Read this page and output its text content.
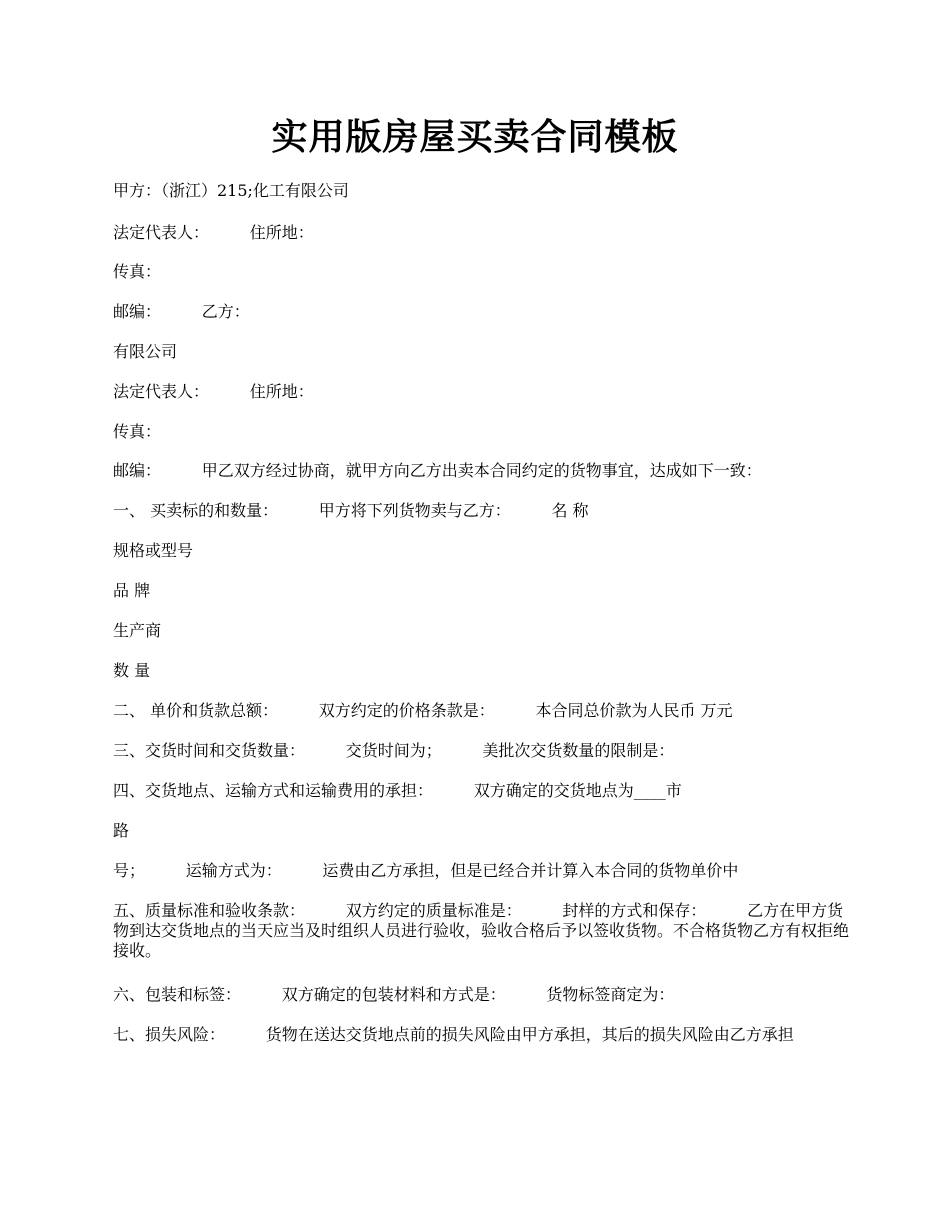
实用版房屋买卖合同模板

甲方：（浙江）215;化工有限公司

法定代表人：        住所地：

传真：

邮编：        乙方：

有限公司

法定代表人：        住所地：

传真：

邮编：        甲乙双方经过协商，就甲方向乙方出卖本合同约定的货物事宜，达成如下一致：

一、 买卖标的和数量：        甲方将下列货物卖与乙方：        名 称

规格或型号

品 牌

生产商

数 量

二、 单价和货款总额：        双方约定的价格条款是：        本合同总价款为人民币 万元

三、交货时间和交货数量：        交货时间为；        美批次交货数量的限制是：

四、交货地点、运输方式和运输费用的承担：        双方确定的交货地点为____市

路

号；        运输方式为：        运费由乙方承担，但是已经合并计算入本合同的货物单价中

五、质量标准和验收条款：        双方约定的质量标准是：        封样的方式和保存：        乙方在甲方货物到达交货地点的当天应当及时组织人员进行验收，验收合格后予以签收货物。不合格货物乙方有权拒绝接收。

六、包装和标签：        双方确定的包装材料和方式是：        货物标签商定为：

七、损失风险：        货物在送达交货地点前的损失风险由甲方承担，其后的损失风险由乙方承担
